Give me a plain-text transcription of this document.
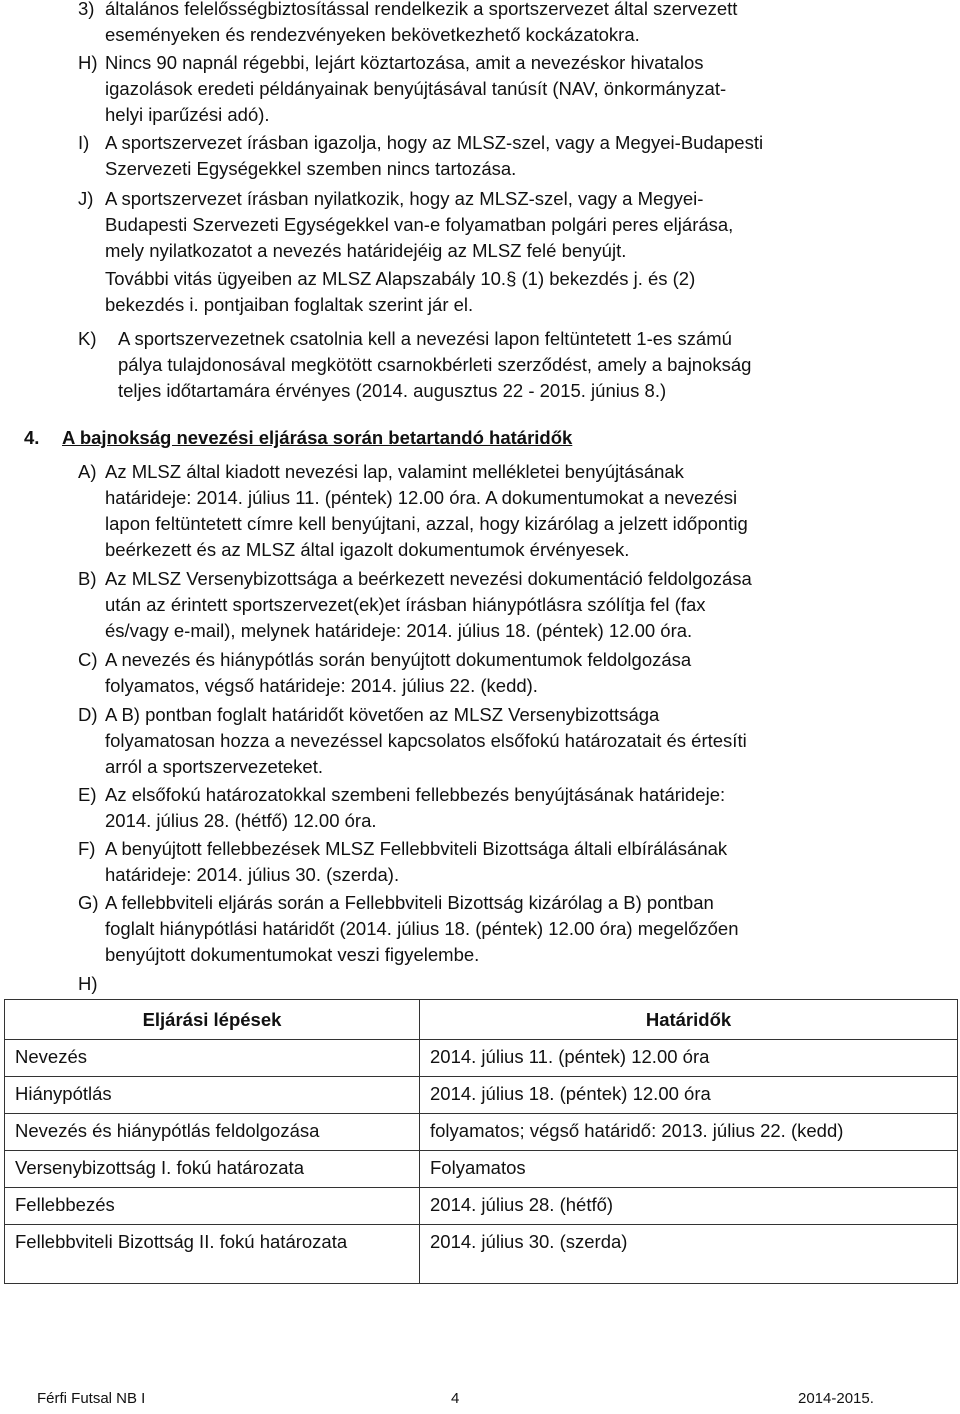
3) általános felelősségbiztosítással rendelkezik a sportszervezet által szervezett

eseményeken és rendezvényeken bekövetkezhető kockázatokra.

H) Nincs 90 napnál régebbi, lejárt köztartozása, amit a nevezéskor hivatalos

igazolások eredeti példányainak benyújtásával tanúsít (NAV, önkormányzat-

helyi iparűzési adó).

I) A sportszervezet írásban igazolja, hogy az MLSZ-szel, vagy a Megyei-Budapesti

Szervezeti Egységekkel szemben nincs tartozása.

J) A sportszervezet írásban nyilatkozik, hogy az MLSZ-szel, vagy a Megyei-

Budapesti Szervezeti Egységekkel van-e folyamatban polgári peres eljárása,

mely nyilatkozatot a nevezés határidejéig az MLSZ felé benyújt.

További vitás ügyeiben az MLSZ Alapszabály 10.§ (1) bekezdés j. és (2)
bekezdés i. pontjaiban foglaltak szerint jár el.
K) A sportszervezetnek csatolnia kell a nevezési lapon feltüntetett 1-es számú

pálya tulajdonosával megkötött csarnokbérleti szerződést, amely a bajnokság

teljes időtartamára érvényes (2014. augusztus 22 - 2015. június 8.)

4. A bajnokság nevezési eljárása során betartandó határidők
A) Az MLSZ által kiadott nevezési lap, valamint mellékletei benyújtásának

határideje: 2014. július 11. (péntek) 12.00 óra. A dokumentumokat a nevezési

lapon feltüntetett címre kell benyújtani, azzal, hogy kizárólag a jelzett időpontig

beérkezett és az MLSZ által igazolt dokumentumok érvényesek.

B) Az MLSZ Versenybizottsága a beérkezett nevezési dokumentáció feldolgozása

után az érintett sportszervezet(ek)et írásban hiánypótlásra szólítja fel (fax

és/vagy e-mail), melynek határideje: 2014. július 18. (péntek) 12.00 óra.

C) A nevezés és hiánypótlás során benyújtott dokumentumok feldolgozása

folyamatos, végső határideje: 2014. július 22. (kedd).

D) A B) pontban foglalt határidőt követően az MLSZ Versenybizottsága

folyamatosan hozza a nevezéssel kapcsolatos elsőfokú határozatait és értesíti

arról a sportszervezeteket.

E) Az elsőfokú határozatokkal szembeni fellebbezés benyújtásának határideje:

2014. július 28. (hétfő) 12.00 óra.

F) A benyújtott fellebbezések MLSZ Fellebbviteli Bizottsága általi elbírálásának

határideje: 2014. július 30. (szerda).

G) A fellebbviteli eljárás során a Fellebbviteli Bizottság kizárólag a B) pontban

foglalt hiánypótlási határidőt (2014. július 18. (péntek) 12.00 óra) megelőzően

benyújtott dokumentumokat veszi figyelembe.

H)
Eljárási lépések	Határidők
Nevezés	2014. július 11. (péntek) 12.00 óra
Hiánypótlás	2014. július 18. (péntek) 12.00 óra
Nevezés és hiánypótlás feldolgozása	folyamatos; végső határidő: 2013. július 22. (kedd)
Versenybizottság I. fokú határozata	Folyamatos
Fellebbezés	2014. július 28. (hétfő)
Fellebbviteli Bizottság II. fokú határozata	2014. július 30. (szerda)
Férfi Futsal NB I	4	2014-2015.
